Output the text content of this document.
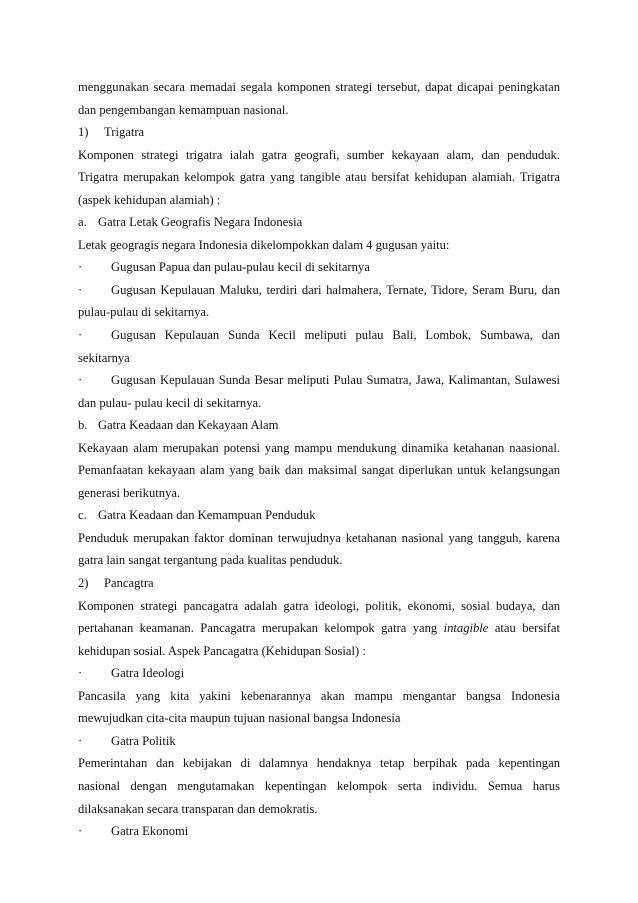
menggunakan secara memadai segala komponen strategi tersebut, dapat dicapai peningkatan
dan pengembangan kemampuan nasional.
1) Trigatra
Komponen strategi trigatra ialah gatra geografi, sumber kekayaan alam, dan penduduk.
Trigatra merupakan kelompok gatra yang tangible atau bersifat kehidupan alamiah. Trigatra
(aspek kehidupan alamiah) :
a. Gatra Letak Geografis Negara Indonesia
Letak geogragis negara Indonesia dikelompokkan dalam 4 gugusan yaitu:
· Gugusan Papua dan pulau-pulau kecil di sekitarnya
· Gugusan Kepulauan Maluku, terdiri dari halmahera, Ternate, Tidore, Seram Buru, dan
pulau-pulau di sekitarnya.
· Gugusan Kepulauan Sunda Kecil meliputi pulau Bali, Lombok, Sumbawa, dan
sekitarnya
· Gugusan Kepulauan Sunda Besar meliputi Pulau Sumatra, Jawa, Kalimantan, Sulawesi
dan pulau- pulau kecil di sekitarnya.
b. Gatra Keadaan dan Kekayaan Alam
Kekayaan alam merupakan potensi yang mampu mendukung dinamika ketahanan naasional.
Pemanfaatan kekayaan alam yang baik dan maksimal sangat diperlukan untuk kelangsungan
generasi berikutnya.
c. Gatra Keadaan dan Kemampuan Penduduk
Penduduk merupakan faktor dominan terwujudnya ketahanan nasional yang tangguh, karena
gatra lain sangat tergantung pada kualitas penduduk.
2) Pancagtra
Komponen strategi pancagatra adalah gatra ideologi, politik, ekonomi, sosial budaya, dan
pertahanan keamanan. Pancagatra merupakan kelompok gatra yang intagible atau bersifat
kehidupan sosial. Aspek Pancagatra (Kehidupan Sosial) :
· Gatra Ideologi
Pancasila yang kita yakini kebenarannya akan mampu mengantar bangsa Indonesia
mewujudkan cita-cita maupun tujuan nasional bangsa Indonesia
· Gatra Politik
Pemerintahan dan kebijakan di dalamnya hendaknya tetap berpihak pada kepentingan
nasional dengan mengutamakan kepentingan kelompok serta individu. Semua harus
dilaksanakan secara transparan dan demokratis.
· Gatra Ekonomi
